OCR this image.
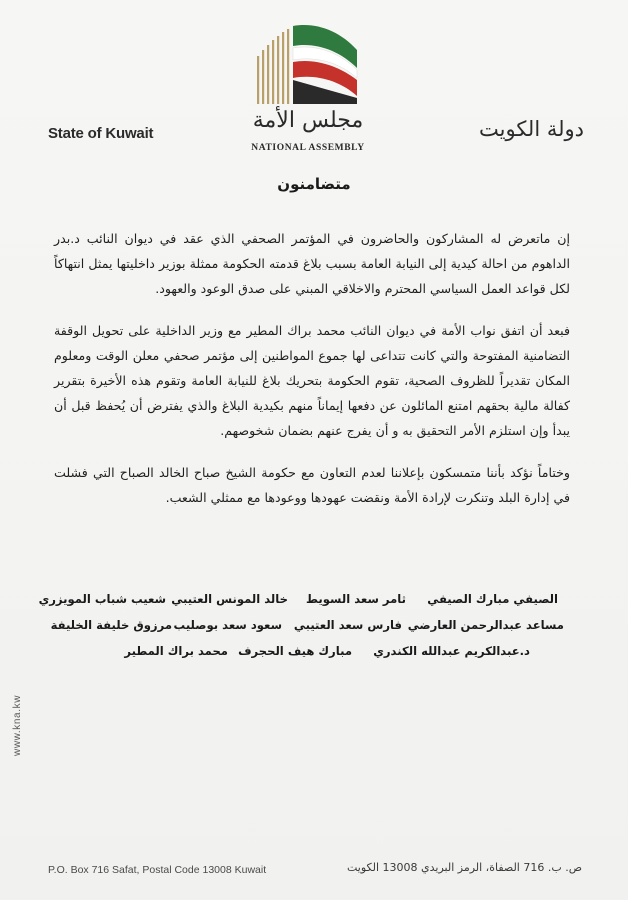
State of Kuwait	دولة الكويت
مجلس الأمة
NATIONAL ASSEMBLY
متضامنون

إن ماتعرض له المشاركون والحاضرون في المؤتمر الصحفي الذي عقد في ديوان النائب د.بدر الداهوم من احالة كيدية إلى النيابة العامة بسبب بلاغ قدمته الحكومة ممثلة بوزير داخليتها يمثل انتهاكاً لكل قواعد العمل السياسي المحترم والاخلاقي المبني على صدق الوعود والعهود.

فبعد أن اتفق نواب الأمة في ديوان النائب محمد براك المطير مع وزير الداخلية على تحويل الوقفة التضامنية المفتوحة والتي كانت تتداعى لها جموع المواطنين إلى مؤتمر صحفي معلن الوقت ومعلوم المكان تقديراً للظروف الصحية، تقوم الحكومة بتحريك بلاغ للنيابة العامة وتقوم هذه الأخيرة بتقرير كفالة مالية بحقهم امتنع المائلون عن دفعها إيماناً منهم بكيدية البلاغ والذي يفترض أن يُحفظ قبل أن يبدأ وإن استلزم الأمر التحقيق به و أن يفرج عنهم بضمان شخوصهم.

وختاماً نؤكد بأننا متمسكون بإعلاننا لعدم التعاون مع حكومة الشيخ صباح الخالد الصباح التي فشلت في إدارة البلد وتنكرت لإرادة الأمة ونقضت عهودها ووعودها مع ممثلي الشعب.

الصيفي مبارك الصيفي
ثامر سعد السويط
خالد المونس العتيبي
شعيب شباب المويزري
مساعد عبدالرحمن العارضي
فارس سعد العتيبي
سعود سعد بوصليب
مرزوق خليفة الخليفة
د.عبدالكريم عبدالله الكندري
مبارك هيف الحجرف
محمد براك المطير
www.kna.kw
P.O. Box 716 Safat, Postal Code 13008 Kuwait	ص. ب. 716 الصفاة، الرمز البريدي 13008 الكويت
